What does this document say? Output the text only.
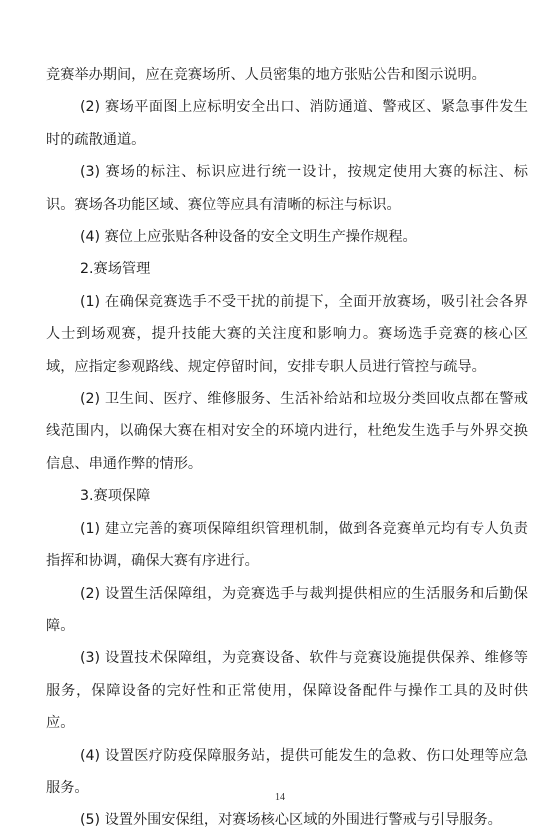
竞赛举办期间，应在竞赛场所、人员密集的地方张贴公告和图示说明。

(2) 赛场平面图上应标明安全出口、消防通道、警戒区、紧急事件发生时的疏散通道。

(3) 赛场的标注、标识应进行统一设计，按规定使用大赛的标注、标识。赛场各功能区域、赛位等应具有清晰的标注与标识。

(4) 赛位上应张贴各种设备的安全文明生产操作规程。

2.赛场管理

(1) 在确保竞赛选手不受干扰的前提下，全面开放赛场，吸引社会各界人士到场观赛，提升技能大赛的关注度和影响力。赛场选手竞赛的核心区域，应指定参观路线、规定停留时间，安排专职人员进行管控与疏导。

(2) 卫生间、医疗、维修服务、生活补给站和垃圾分类回收点都在警戒线范围内，以确保大赛在相对安全的环境内进行，杜绝发生选手与外界交换信息、串通作弊的情形。

3.赛项保障

(1) 建立完善的赛项保障组织管理机制，做到各竞赛单元均有专人负责指挥和协调，确保大赛有序进行。

(2) 设置生活保障组，为竞赛选手与裁判提供相应的生活服务和后勤保障。

(3) 设置技术保障组，为竞赛设备、软件与竞赛设施提供保养、维修等服务，保障设备的完好性和正常使用，保障设备配件与操作工具的及时供应。

(4) 设置医疗防疫保障服务站，提供可能发生的急救、伤口处理等应急服务。

(5) 设置外围安保组，对赛场核心区域的外围进行警戒与引导服务。

14
